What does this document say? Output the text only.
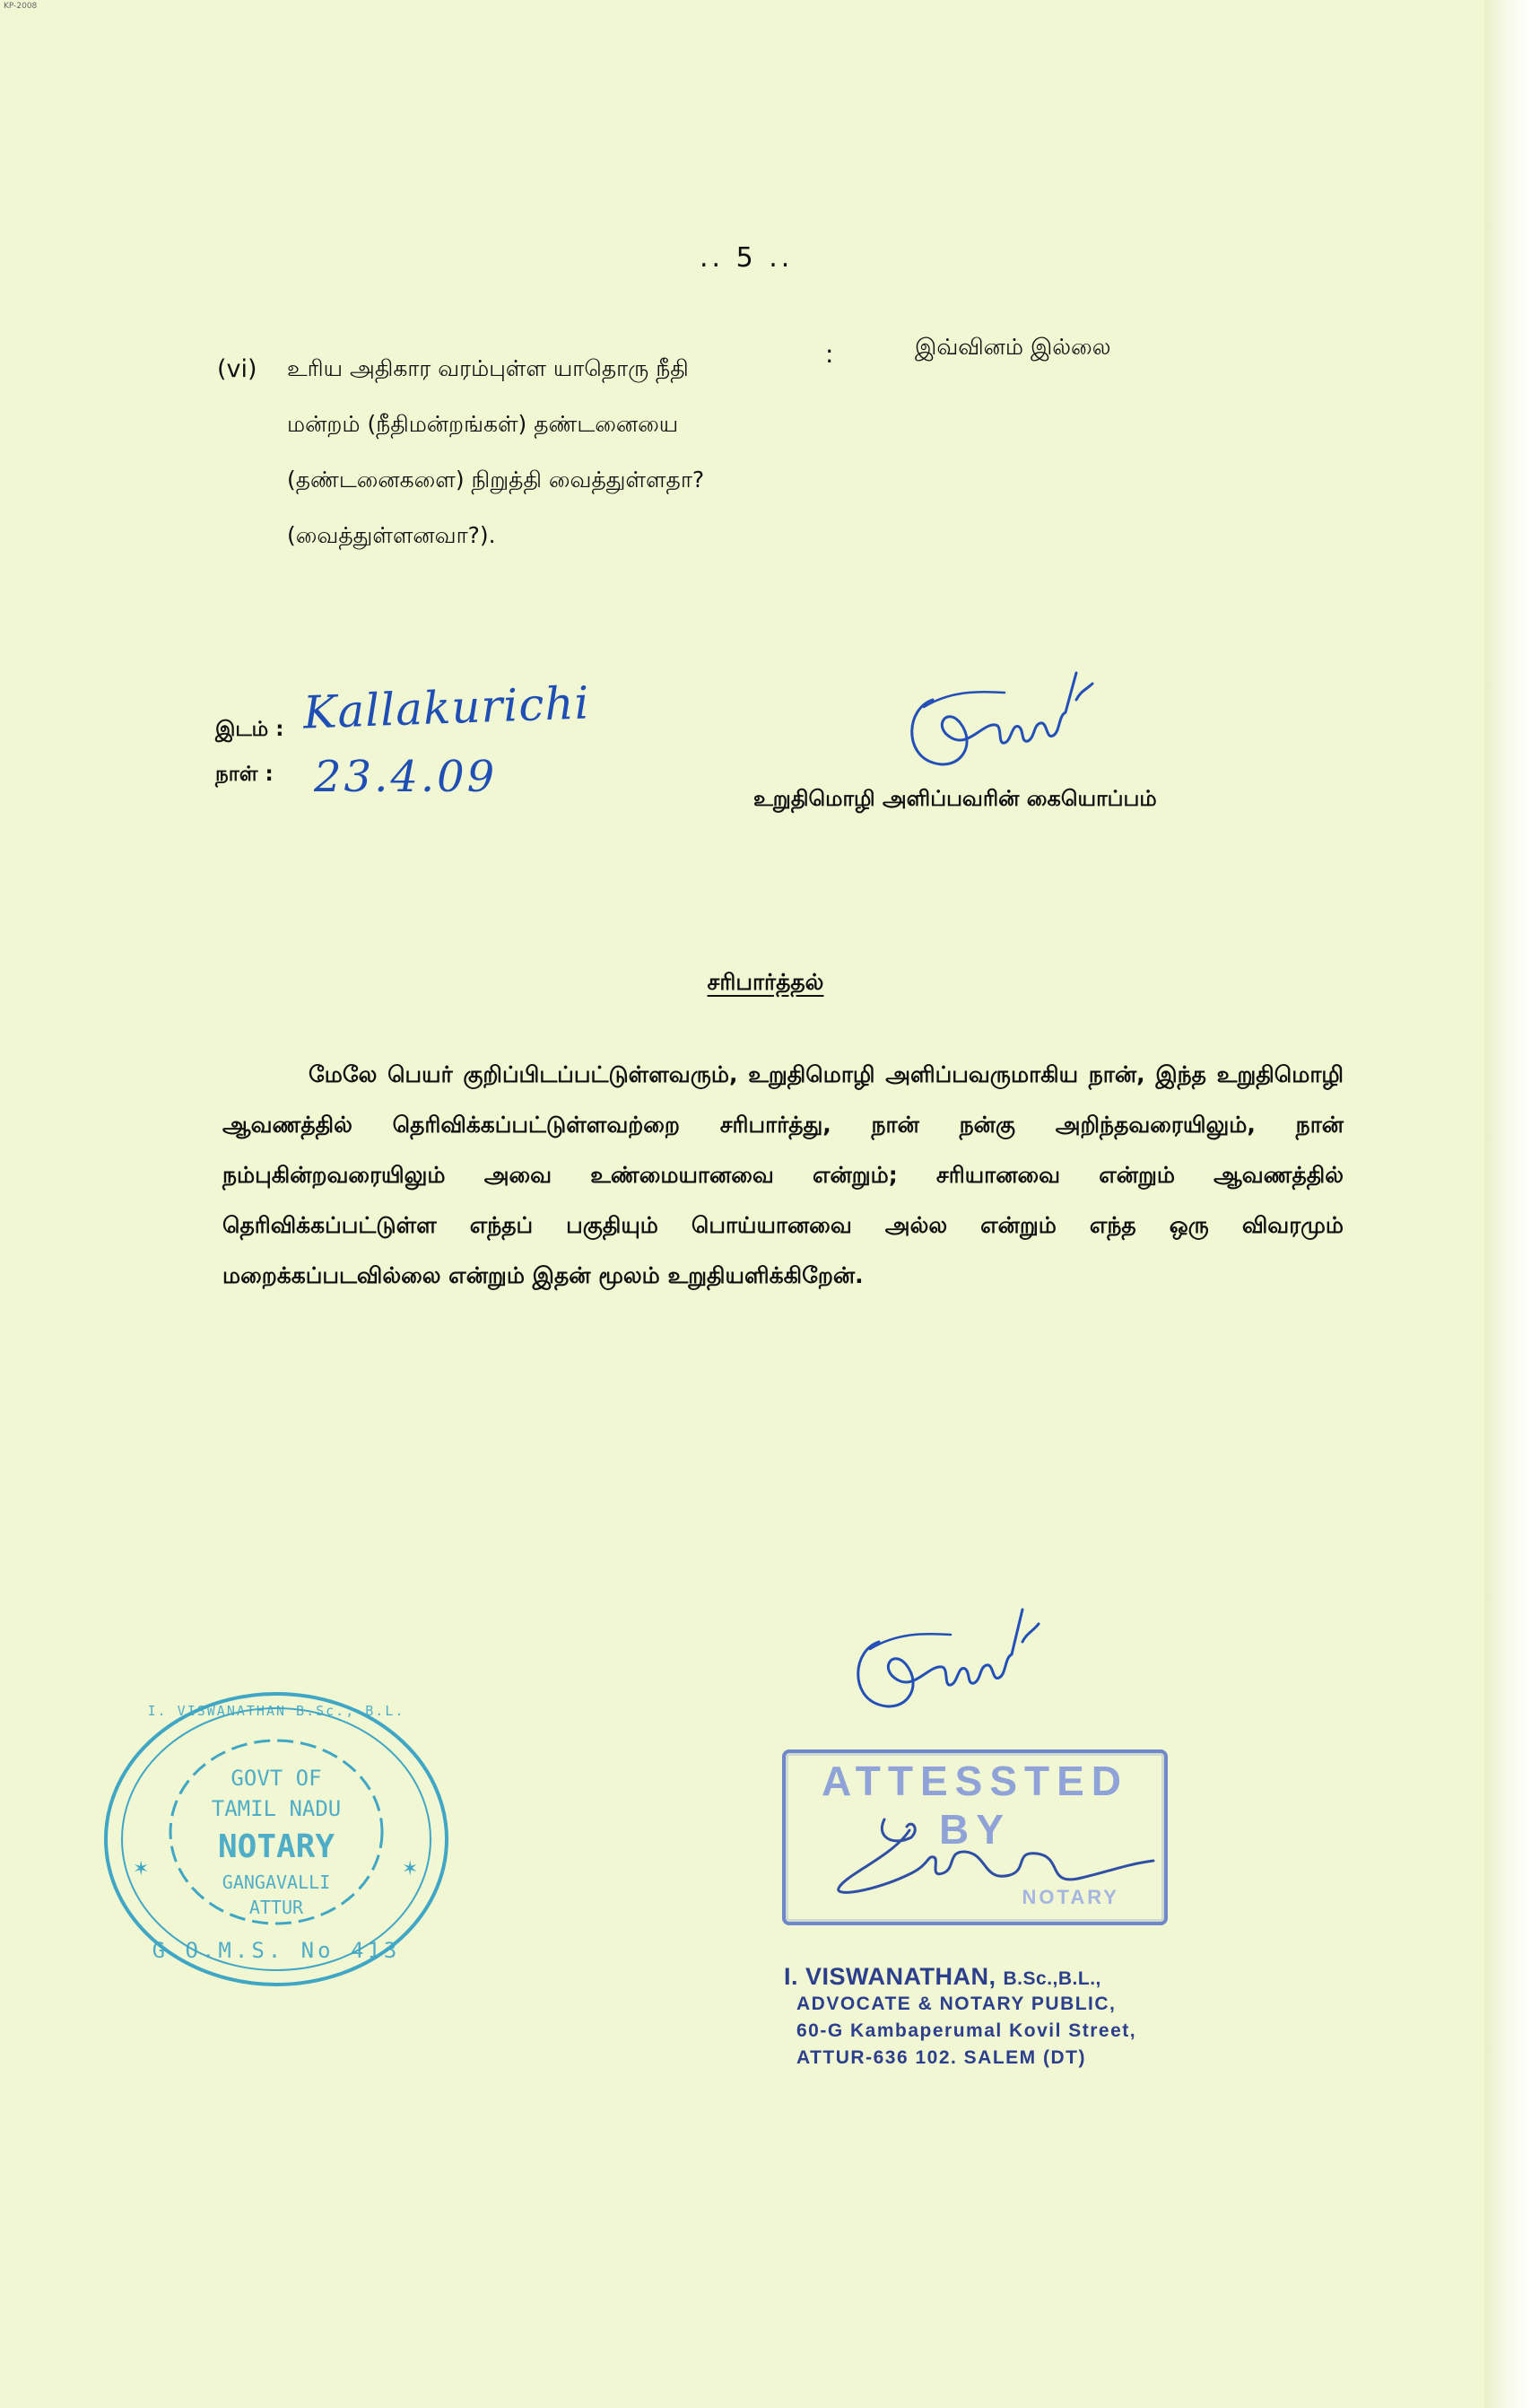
KP-2008
.. 5 ..
(vi) உரிய அதிகார வரம்புள்ள யாதொரு நீதி
மன்றம் (நீதிமன்றங்கள்) தண்டனையை
(தண்டனைகளை) நிறுத்தி வைத்துள்ளதா?
(வைத்துள்ளனவா?).
:	இவ்வினம் இல்லை
இடம் : Kallakurichi
நாள் : 23.4.09	உறுதிமொழி அளிப்பவரின் கையொப்பம்
சரிபார்த்தல்

மேலே பெயர் குறிப்பிடப்பட்டுள்ளவரும், உறுதிமொழி அளிப்பவருமாகிய நான், இந்த உறுதிமொழி ஆவணத்தில் தெரிவிக்கப்பட்டுள்ளவற்றை சரிபார்த்து, நான் நன்கு அறிந்தவரையிலும், நான் நம்புகின்றவரையிலும் அவை உண்மையானவை என்றும்; சரியானவை என்றும் ஆவணத்தில் தெரிவிக்கப்பட்டுள்ள எந்தப் பகுதியும் பொய்யானவை அல்ல என்றும் எந்த ஒரு விவரமும் மறைக்கப்படவில்லை என்றும் இதன் மூலம் உறுதியளிக்கிறேன்.

✶	✶
I. VISWANATHAN B.Sc., B.L.
GOVT OF
TAMIL NADU
NOTARY
GANGAVALLI
ATTUR
G.O.M.S. No 413
ATTESSTED BY
NOTARY
I. VISWANATHAN, B.Sc.,B.L.,
ADVOCATE & NOTARY PUBLIC,
60-G Kambaperumal Kovil Street,
ATTUR-636 102. SALEM (DT)
